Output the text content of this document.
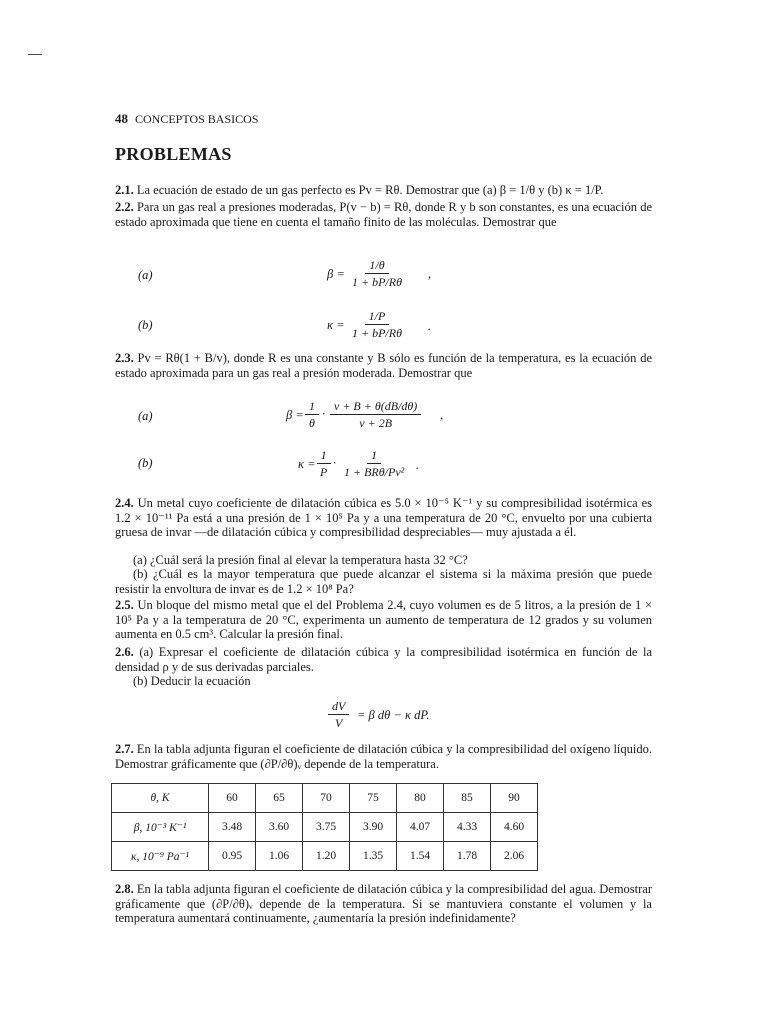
48 CONCEPTOS BASICOS
PROBLEMAS
2.1. La ecuación de estado de un gas perfecto es Pv = Rθ. Demostrar que (a) β = 1/θ y (b) κ = 1/P.
2.2. Para un gas real a presiones moderadas, P(v − b) = Rθ, donde R y b son constantes, es una ecuación de estado aproximada que tiene en cuenta el tamaño finito de las moléculas. Demostrar que
(a)	$\beta = \frac{1/\theta}{1 + bP/R\theta}$ ,
(b)	$\kappa = \frac{1/P}{1 + bP/R\theta}$ .
2.3. Pv = Rθ(1 + B/v), donde R es una constante y B sólo es función de la temperatura, es la ecuación de estado aproximada para un gas real a presión moderada. Demostrar que
(a)	$\beta = \frac{1}{\theta} \cdot \frac{v + B + \theta(dB/d\theta)}{v + 2B}$ ,
(b)	$\kappa = \frac{1}{P}$ ·
1
1 + BRθ/Pv² .
2.4. Un metal cuyo coeficiente de dilatación cúbica es 5.0 × 10⁻⁵ K⁻¹ y su compresibilidad isotérmica es 1.2 × 10⁻¹¹ Pa está a una presión de 1 × 10⁵ Pa y a una temperatura de 20 °C, envuelto por una cubierta gruesa de invar —de dilatación cúbica y compresibilidad despreciables— muy ajustada a él.
(a) ¿Cuál será la presión final al elevar la temperatura hasta 32 °C?
(b) ¿Cuál es la mayor temperatura que puede alcanzar el sistema si la máxima presión que puede resistir la envoltura de invar es de 1.2 × 10⁸ Pa?
2.5. Un bloque del mismo metal que el del Problema 2.4, cuyo volumen es de 5 litros, a la presión de 1 × 10⁵ Pa y a la temperatura de 20 °C, experimenta un aumento de temperatura de 12 grados y su volumen aumenta en 0.5 cm³. Calcular la presión final.
2.6. (a) Expresar el coeficiente de dilatación cúbica y la compresibilidad isotérmica en función de la densidad ρ y de sus derivadas parciales.
(b) Deducir la ecuación
$\frac{dV}{V} = \beta$ dθ − κ dP.
2.7. En la tabla adjunta figuran el coeficiente de dilatación cúbica y la compresibilidad del oxígeno líquido. Demostrar gráficamente que (∂P/∂θ)ᵥ depende de la temperatura.
θ, K	60	65	70	75	80	85	90
β, 10⁻³ K⁻¹	3.48	3.60	3.75	3.90	4.07	4.33	4.60
κ, 10⁻⁹ Pa⁻¹	0.95	1.06	1.20	1.35	1.54	1.78	2.06
2.8. En la tabla adjunta figuran el coeficiente de dilatación cúbica y la compresibilidad del agua. Demostrar gráficamente que (∂P/∂θ)ᵥ depende de la temperatura. Si se mantuviera constante el volumen y la temperatura aumentará continuamente, ¿aumentaría la presión indefinidamente?
